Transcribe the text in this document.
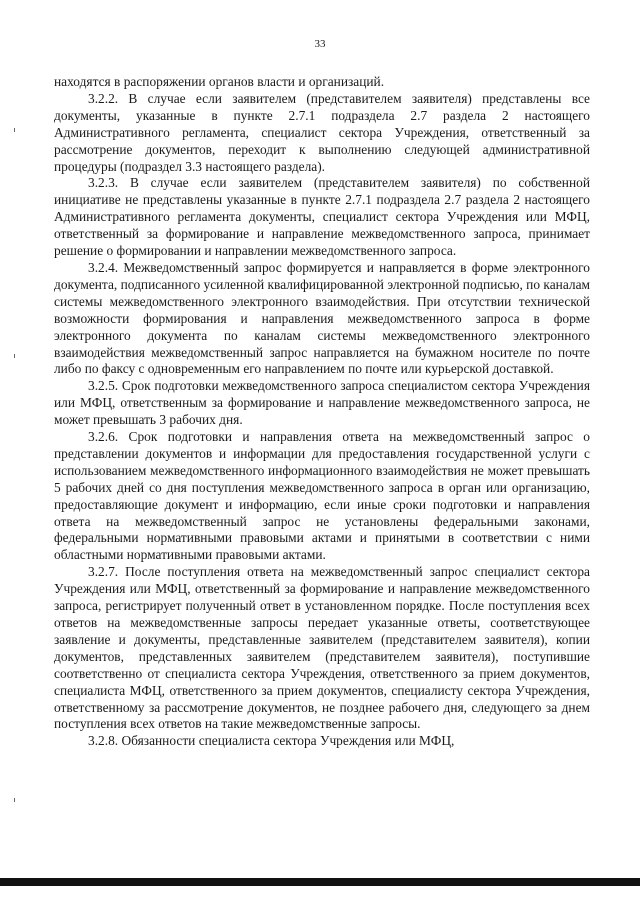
33

находятся в распоряжении органов власти и организаций.

3.2.2. В случае если заявителем (представителем заявителя) представлены все документы, указанные в пункте 2.7.1 подраздела 2.7 раздела 2 настоящего Административного регламента, специалист сектора Учреждения, ответственный за рассмотрение документов, переходит к выполнению следующей административной процедуры (подраздел 3.3 настоящего раздела).

3.2.3. В случае если заявителем (представителем заявителя) по собственной инициативе не представлены указанные в пункте 2.7.1 подраздела 2.7 раздела 2 настоящего Административного регламента документы, специалист сектора Учреждения или МФЦ, ответственный за формирование и направление межведомственного запроса, принимает решение о формировании и направлении межведомственного запроса.

3.2.4. Межведомственный запрос формируется и направляется в форме электронного документа, подписанного усиленной квалифицированной электронной подписью, по каналам системы межведомственного электронного взаимодействия. При отсутствии технической возможности формирования и направления межведомственного запроса в форме электронного документа по каналам системы межведомственного электронного взаимодействия межведомственный запрос направляется на бумажном носителе по почте либо по факсу с одновременным его направлением по почте или курьерской доставкой.

3.2.5. Срок подготовки межведомственного запроса специалистом сектора Учреждения или МФЦ, ответственным за формирование и направление межведомственного запроса, не может превышать 3 рабочих дня.

3.2.6. Срок подготовки и направления ответа на межведомственный запрос о представлении документов и информации для предоставления государственной услуги с использованием межведомственного информационного взаимодействия не может превышать 5 рабочих дней со дня поступления межведомственного запроса в орган или организацию, предоставляющие документ и информацию, если иные сроки подготовки и направления ответа на межведомственный запрос не установлены федеральными законами, федеральными нормативными правовыми актами и принятыми в соответствии с ними областными нормативными правовыми актами.

3.2.7. После поступления ответа на межведомственный запрос специалист сектора Учреждения или МФЦ, ответственный за формирование и направление межведомственного запроса, регистрирует полученный ответ в установленном порядке. После поступления всех ответов на межведомственные запросы передает указанные ответы, соответствующее заявление и документы, представленные заявителем (представителем заявителя), копии документов, представленных заявителем (представителем заявителя), поступившие соответственно от специалиста сектора Учреждения, ответственного за прием документов, специалиста МФЦ, ответственного за прием документов, специалисту сектора Учреждения, ответственному за рассмотрение документов, не позднее рабочего дня, следующего за днем поступления всех ответов на такие межведомственные запросы.

3.2.8. Обязанности специалиста сектора Учреждения или МФЦ,
